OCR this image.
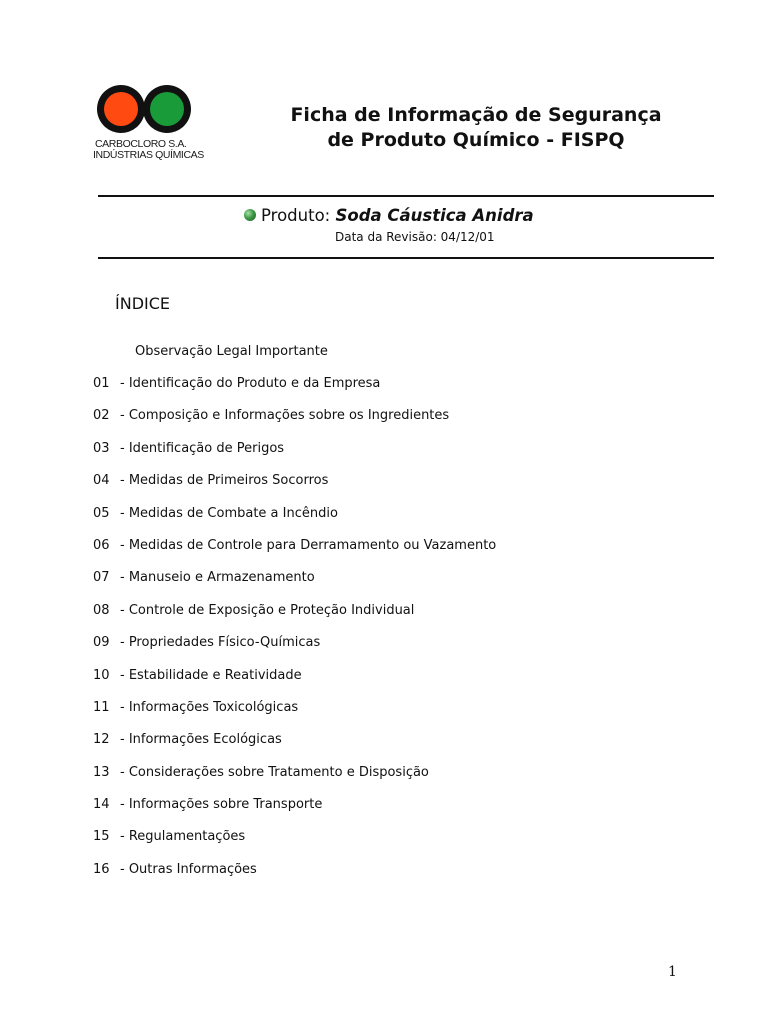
CARBOCLORO S.A.
INDÚSTRIAS QUÍMICAS
Ficha de Informação de Segurança
de Produto Químico - FISPQ
Produto: Soda Cáustica Anidra
Data da Revisão: 04/12/01
ÍNDICE
Observação Legal Importante
01 - Identificação do Produto e da Empresa
02 - Composição e Informações sobre os Ingredientes
03 - Identificação de Perigos
04 - Medidas de Primeiros Socorros
05 - Medidas de Combate a Incêndio
06 - Medidas de Controle para Derramamento ou Vazamento
07 - Manuseio e Armazenamento
08 - Controle de Exposição e Proteção Individual
09 - Propriedades Físico-Químicas
10 - Estabilidade e Reatividade
11 - Informações Toxicológicas
12 - Informações Ecológicas
13 - Considerações sobre Tratamento e Disposição
14 - Informações sobre Transporte
15 - Regulamentações
16 - Outras Informações
1
